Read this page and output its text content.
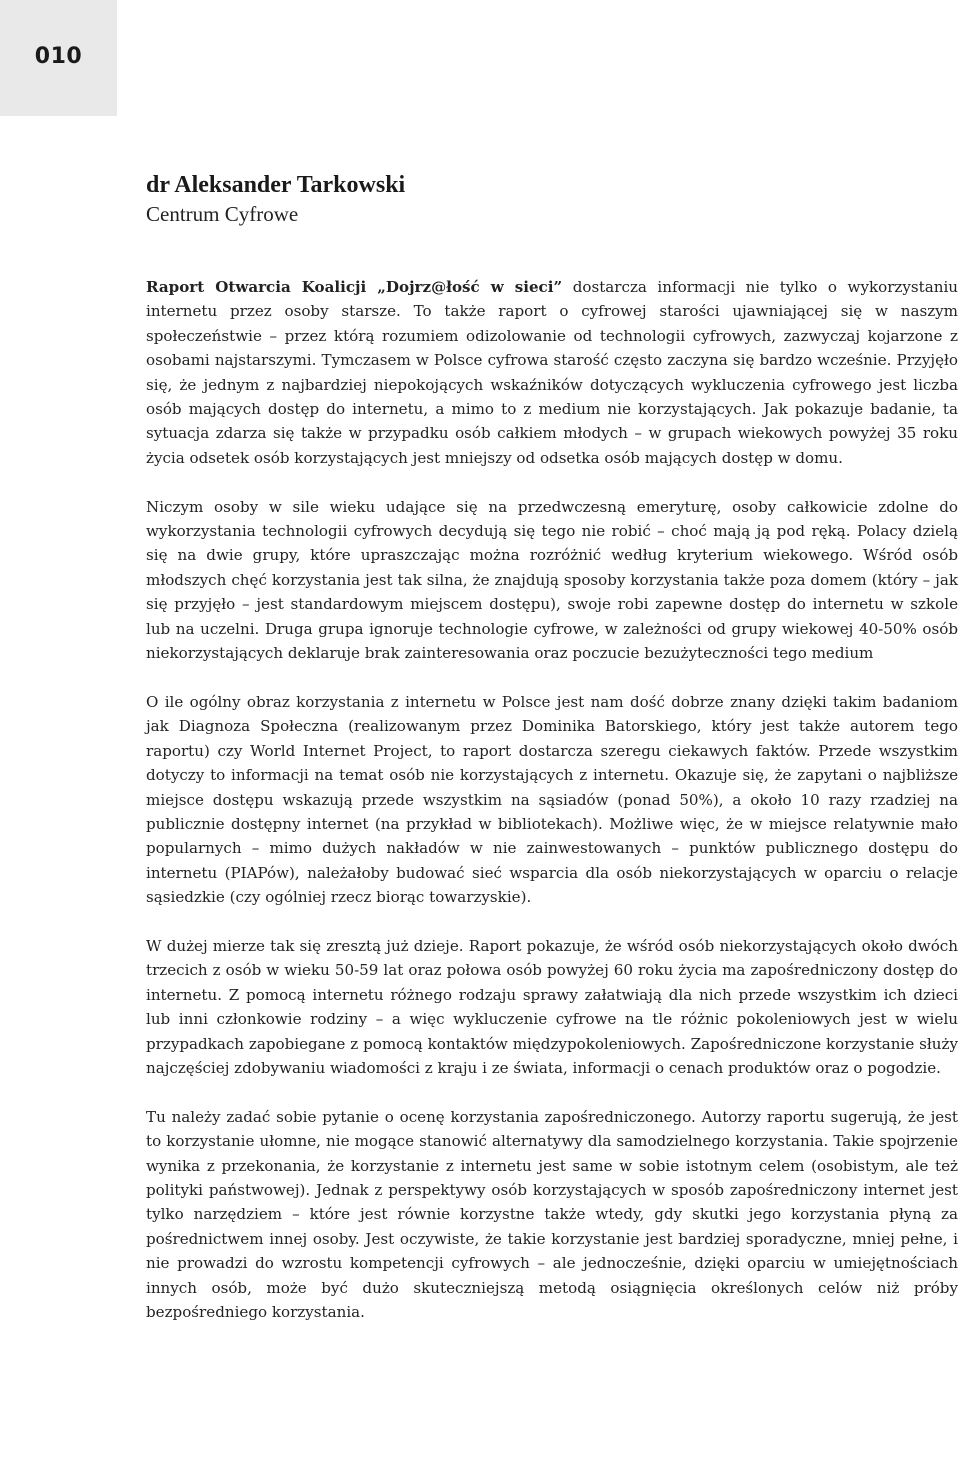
010
dr Aleksander Tarkowski
Centrum Cyfrowe

Raport Otwarcia Koalicji „Dojrz@łość w sieci” dostarcza informacji nie tylko o wykorzystaniu internetu przez osoby starsze. To także raport o cyfrowej starości ujawniającej się w naszym społeczeństwie – przez którą rozumiem odizolowanie od technologii cyfrowych, zazwyczaj kojarzone z osobami najstarszymi. Tymczasem w Polsce cyfrowa starość często zaczyna się bardzo wcześnie. Przyjęło się, że jednym z najbardziej niepokojących wskaźników dotyczących wykluczenia cyfrowego jest liczba osób mających dostęp do internetu, a mimo to z medium nie korzystających. Jak pokazuje badanie, ta sytuacja zdarza się także w przypadku osób całkiem młodych – w grupach wiekowych powyżej 35 roku życia odsetek osób korzystających jest mniejszy od odsetka osób mających dostęp w domu.

Niczym osoby w sile wieku udające się na przedwczesną emeryturę, osoby całkowicie zdolne do wykorzystania technologii cyfrowych decydują się tego nie robić – choć mają ją pod ręką. Polacy dzielą się na dwie grupy, które upraszczając można rozróżnić według kryterium wiekowego. Wśród osób młodszych chęć korzystania jest tak silna, że znajdują sposoby korzystania także poza domem (który – jak się przyjęło – jest standardowym miejscem dostępu), swoje robi zapewne dostęp do internetu w szkole lub na uczelni. Druga grupa ignoruje technologie cyfrowe, w zależności od grupy wiekowej 40-50% osób niekorzystających deklaruje brak zainteresowania oraz poczucie bezużyteczności tego medium

O ile ogólny obraz korzystania z internetu w Polsce jest nam dość dobrze znany dzięki takim badaniom jak Diagnoza Społeczna (realizowanym przez Dominika Batorskiego, który jest także autorem tego raportu) czy World Internet Project, to raport dostarcza szeregu ciekawych faktów. Przede wszystkim dotyczy to informacji na temat osób nie korzystających z internetu. Okazuje się, że zapytani o najbliższe miejsce dostępu wskazują przede wszystkim na sąsiadów (ponad 50%), a około 10 razy rzadziej na publicznie dostępny internet (na przykład w bibliotekach). Możliwe więc, że w miejsce relatywnie mało popularnych – mimo dużych nakładów w nie zainwestowanych – punktów publicznego dostępu do internetu (PIAPów), należałoby budować sieć wsparcia dla osób niekorzystających w oparciu o relacje sąsiedzkie (czy ogólniej rzecz biorąc towarzyskie).

W dużej mierze tak się zresztą już dzieje. Raport pokazuje, że wśród osób niekorzystających około dwóch trzecich z osób w wieku 50-59 lat oraz połowa osób powyżej 60 roku życia ma zapośredniczony dostęp do internetu. Z pomocą internetu różnego rodzaju sprawy załatwiają dla nich przede wszystkim ich dzieci lub inni członkowie rodziny – a więc wykluczenie cyfrowe na tle różnic pokoleniowych jest w wielu przypadkach zapobiegane z pomocą kontaktów międzypokoleniowych. Zapośredniczone korzystanie służy najczęściej zdobywaniu wiadomości z kraju i ze świata, informacji o cenach produktów oraz o pogodzie.

Tu należy zadać sobie pytanie o ocenę korzystania zapośredniczonego. Autorzy raportu sugerują, że jest to korzystanie ułomne, nie mogące stanowić alternatywy dla samodzielnego korzystania. Takie spojrzenie wynika z przekonania, że korzystanie z internetu jest same w sobie istotnym celem (osobistym, ale też polityki państwowej). Jednak z perspektywy osób korzystających w sposób zapośredniczony internet jest tylko narzędziem – które jest równie korzystne także wtedy, gdy skutki jego korzystania płyną za pośrednictwem innej osoby. Jest oczywiste, że takie korzystanie jest bardziej sporadyczne, mniej pełne, i nie prowadzi do wzrostu kompetencji cyfrowych – ale jednocześnie, dzięki oparciu w umiejętnościach innych osób, może być dużo skuteczniejszą metodą osiągnięcia określonych celów niż próby bezpośredniego korzystania.
